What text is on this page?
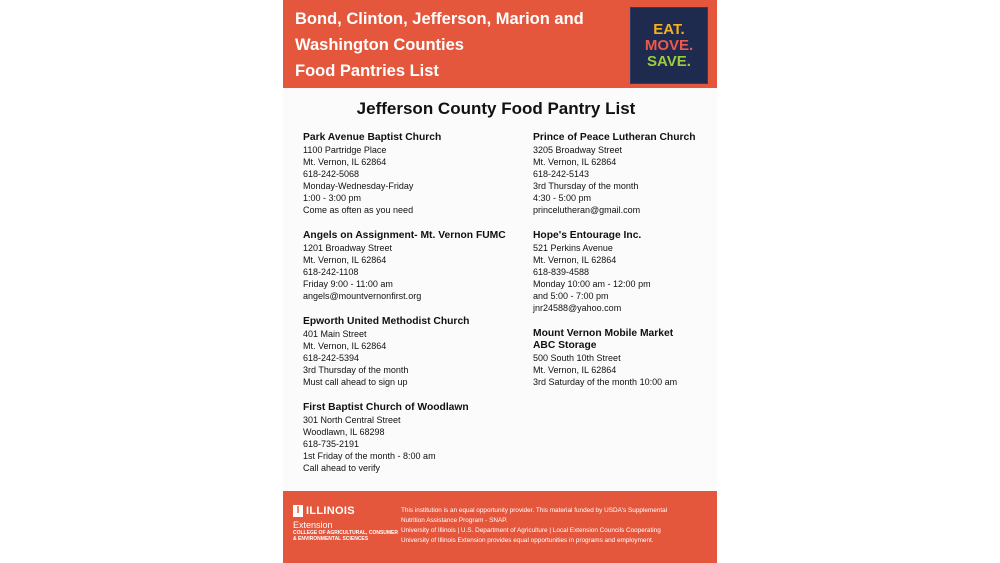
Bond, Clinton, Jefferson, Marion and
Washington Counties
Food Pantries List
EAT.
MOVE.
SAVE.
Jefferson County Food Pantry List
Park Avenue Baptist Church
1100 Partridge Place
Mt. Vernon, IL 62864
618-242-5068
Monday-Wednesday-Friday
1:00 - 3:00 pm
Come as often as you need
Angels on Assignment- Mt. Vernon FUMC
1201 Broadway Street
Mt. Vernon, IL 62864
618-242-1108
Friday 9:00 - 11:00 am
angels@mountvernonfirst.org
Epworth United Methodist Church
401 Main Street
Mt. Vernon, IL 62864
618-242-5394
3rd Thursday of the month
Must call ahead to sign up
First Baptist Church of Woodlawn
301 North Central Street
Woodlawn, IL 68298
618-735-2191
1st Friday of the month - 8:00 am
Call ahead to verify
Prince of Peace Lutheran Church
3205 Broadway Street
Mt. Vernon, IL 62864
618-242-5143
3rd Thursday of the month
4:30 - 5:00 pm
princelutheran@gmail.com
Hope's Entourage Inc.
521 Perkins Avenue
Mt. Vernon, IL 62864
618-839-4588
Monday 10:00 am - 12:00 pm
and 5:00 - 7:00 pm
jnr24588@yahoo.com
Mount Vernon Mobile Market
ABC Storage
500 South 10th Street
Mt. Vernon, IL 62864
3rd Saturday of the month 10:00 am
I ILLINOIS
Extension
COLLEGE OF AGRICULTURAL, CONSUMER
& ENVIRONMENTAL SCIENCES
This institution is an equal opportunity provider. This material funded by USDA's Supplemental
Nutrition Assistance Program - SNAP.
University of Illinois | U.S. Department of Agriculture | Local Extension Councils Cooperating
University of Illinois Extension provides equal opportunities in programs and employment.
